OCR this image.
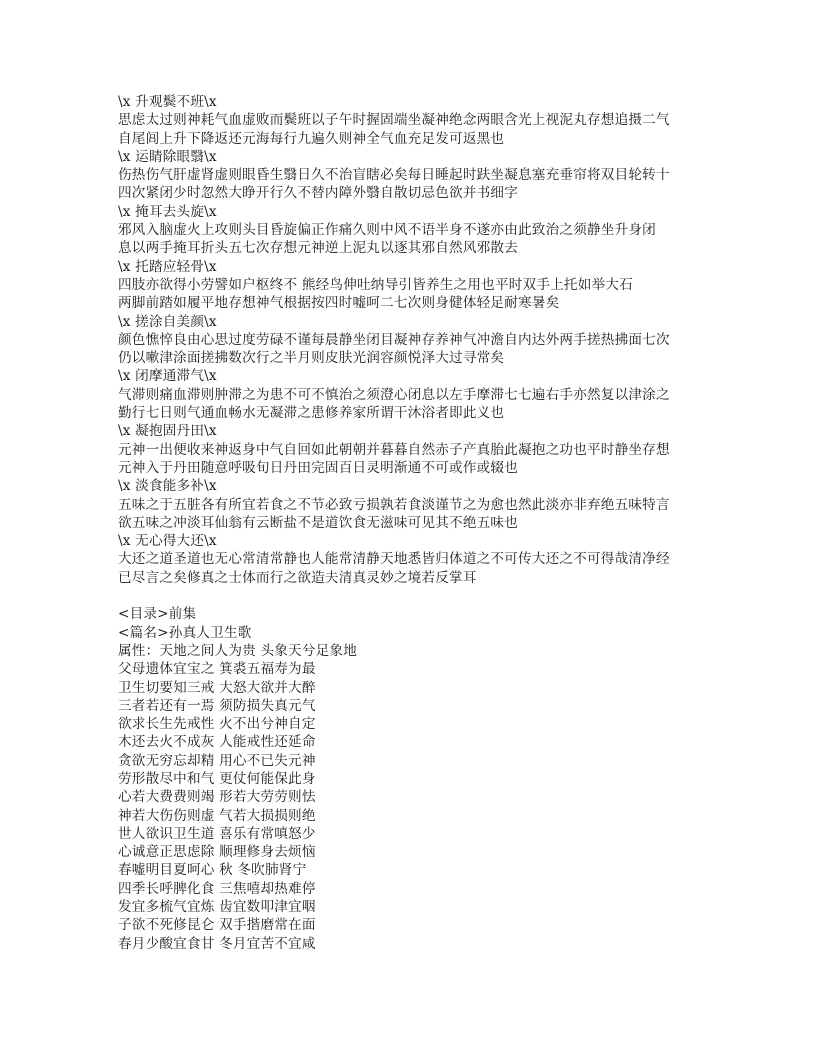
\x 升观鬓不班\x
思虑太过则神耗气血虚败而鬓班以子午时握固端坐凝神绝念两眼含光上视泥丸存想追摄二气
自尾闾上升下降返还元海每行九遍久则神全气血充足发可返黑也
\x 运睛除眼翳\x
伤热伤气肝虚肾虚则眼昏生翳日久不治盲瞎必矣每日睡起时趺坐凝息塞充垂帘将双目轮转十
四次紧闭少时忽然大睁开行久不替内障外翳自散切忌色欲并书细字
\x 掩耳去头旋\x
邪风入脑虚火上攻则头目昏旋偏正作痛久则中风不语半身不遂亦由此致治之须静坐升身闭
息以两手掩耳折头五七次存想元神逆上泥丸以逐其邪自然风邪散去
\x 托踏应轻骨\x
四肢亦欲得小劳譬如户枢终不 熊经鸟伸吐纳导引皆养生之用也平时双手上托如举大石
两脚前踏如履平地存想神气根据按四时嘘呵二七次则身健体轻足耐寒暑矣
\x 搓涂自美颜\x
颜色憔悴良由心思过度劳碌不谨每晨静坐闭目凝神存养神气冲澹自内达外两手搓热拂面七次
仍以嗽津涂面搓拂数次行之半月则皮肤光润容颜悦泽大过寻常矣
\x 闭摩通滞气\x
气滞则痛血滞则肿滞之为患不可不慎治之须澄心闭息以左手摩滞七七遍右手亦然复以津涂之
勤行七日则气通血畅水无凝滞之患修养家所谓干沐浴者即此义也
\x 凝抱固丹田\x
元神一出便收来神返身中气自回如此朝朝并暮暮自然赤子产真胎此凝抱之功也平时静坐存想
元神入于丹田随意呼吸旬日丹田完固百日灵明渐通不可或作或辍也
\x 淡食能多补\x
五味之于五脏各有所宜若食之不节必致亏损孰若食淡谨节之为愈也然此淡亦非弃绝五味特言
欲五味之冲淡耳仙翁有云断盐不是道饮食无滋味可见其不绝五味也
\x 无心得大还\x
大还之道圣道也无心常清常静也人能常清静天地悉皆归体道之不可传大还之不可得哉清净经
已尽言之矣修真之士体而行之欲造夫清真灵妙之境若反掌耳
<目录>前集
<篇名>孙真人卫生歌
属性：天地之间人为贵 头象天兮足象地
父母遗体宜宝之 箕裘五福寿为最
卫生切要知三戒 大怒大欲并大醉
三者若还有一焉 须防损失真元气
欲求长生先戒性 火不出兮神自定
木还去火不成灰 人能戒性还延命
贪欲无穷忘却精 用心不已失元神
劳形散尽中和气 更仗何能保此身
心若大费费则竭 形若大劳劳则怯
神若大伤伤则虚 气若大损损则绝
世人欲识卫生道 喜乐有常嗔怒少
心诚意正思虑除 顺理修身去烦恼
春嘘明目夏呵心 秋 冬吹肺肾宁
四季长呼脾化食 三焦嘻却热难停
发宜多梳气宜炼 齿宜数叩津宜咽
子欲不死修昆仑 双手揩磨常在面
春月少酸宜食甘 冬月宜苦不宜咸
